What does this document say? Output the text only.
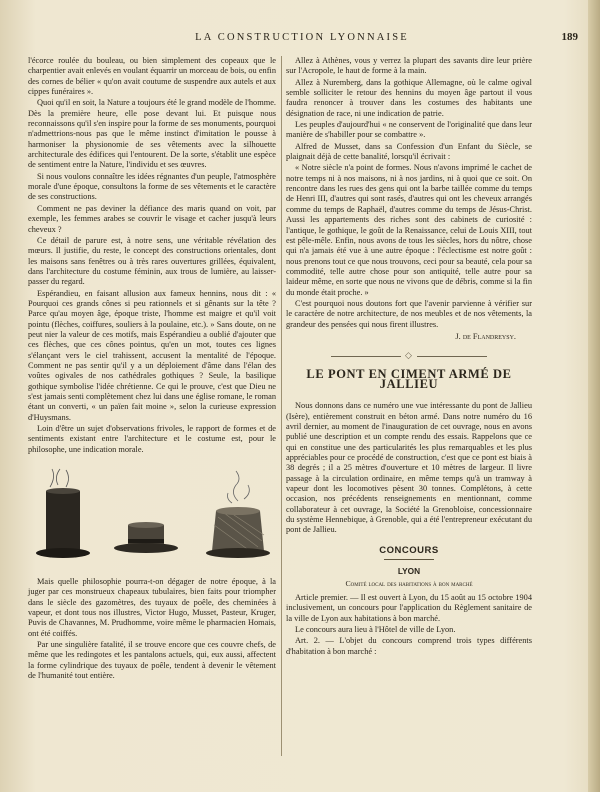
LA CONSTRUCTION LYONNAISE	189

l'écorce roulée du bouleau, ou bien simplement des copeaux que le charpentier avait enlevés en voulant équarrir un morceau de bois, ou enfin des cornes de bélier « qu'on avait coutume de suspendre aux autels et aux cippes funéraires ».

Quoi qu'il en soit, la Nature a toujours été le grand modèle de l'homme. Dès la première heure, elle pose devant lui. Et puisque nous reconnaissons qu'il s'en inspire pour la forme de ses monuments, pourquoi n'admettrions-nous pas que le même instinct d'imitation le pousse à harmoniser la physionomie de ses vêtements avec la silhouette architecturale des édifices qui l'entourent. De la sorte, s'établit une espèce de sentiment entre la Nature, l'individu et ses œuvres.

Si nous voulons connaître les idées régnantes d'un peuple, l'atmosphère morale d'une époque, consultons la forme de ses vêtements et le caractère de ses constructions.

Comment ne pas deviner la défiance des maris quand on voit, par exemple, les femmes arabes se couvrir le visage et cacher jusqu'à leurs cheveux ?

Ce détail de parure est, à notre sens, une véritable révélation des mœurs. Il justifie, du reste, le concept des constructions orientales, dont les maisons sans fenêtres ou à très rares ouvertures grillées, équivalent, dans l'architecture du costume féminin, aux trous de lumière, au laisser-passer du regard.

Espérandieu, en faisant allusion aux fameux hennins, nous dit : « Pourquoi ces grands cônes si peu rationnels et si gênants sur la tête ? Parce qu'au moyen âge, époque triste, l'homme est maigre et qu'il voit pointu (flèches, coiffures, souliers à la poulaine, etc.). » Sans doute, on ne peut nier la valeur de ces motifs, mais Espérandieu a oublié d'ajouter que ces flèches, que ces cônes pointus, qu'en un mot, toutes ces lignes s'élançant vers le ciel trahissent, accusent la mentalité de l'époque. Comment ne pas sentir qu'il y a un déploiement d'âme dans l'élan des voûtes ogivales de nos cathédrales gothiques ? Seule, la basilique gothique symbolise l'idée chrétienne. Ce qui le prouve, c'est que Dieu ne s'est jamais senti complètement chez lui dans une église romane, le roman étant un converti, « un païen fait moine », selon la curieuse expression d'Huysmans.

Loin d'être un sujet d'observations frivoles, le rapport de formes et de sentiments existant entre l'architecture et le costume est, pour le philosophe, une indication morale.

Mais quelle philosophie pourra-t-on dégager de notre époque, à la juger par ces monstrueux chapeaux tubulaires, bien faits pour triompher dans le siècle des gazomètres, des tuyaux de poêle, des cheminées à vapeur, et dont tous nos illustres, Victor Hugo, Musset, Pasteur, Kruger, Puvis de Chavannes, M. Prudhomme, voire même le pharmacien Homais, ont été coiffés.

Par une singulière fatalité, il se trouve encore que ces couvre chefs, de même que les redingotes et les pantalons actuels, qui, eux aussi, affectent la forme cylindrique des tuyaux de poêle, tendent à devenir le vêtement de l'humanité tout entière.

Allez à Athènes, vous y verrez la plupart des savants dire leur prière sur l'Acropole, le haut de forme à la main.

Allez à Nuremberg, dans la gothique Allemagne, où le calme ogival semble solliciter le retour des hennins du moyen âge partout il vous faudra renoncer à trouver dans les costumes des habitants une désignation de race, ni une indication de patrie.

Les peuples d'aujourd'hui « ne conservent de l'originalité que dans leur manière de s'habiller pour se combattre ».

Alfred de Musset, dans sa Confession d'un Enfant du Siècle, se plaignait déjà de cette banalité, lorsqu'il écrivait :

« Notre siècle n'a point de formes. Nous n'avons imprimé le cachet de notre temps ni à nos maisons, ni à nos jardins, ni à quoi que ce soit. On rencontre dans les rues des gens qui ont la barbe taillée comme du temps de Henri III, d'autres qui sont rasés, d'autres qui ont les cheveux arrangés comme du temps de Raphaël, d'autres comme du temps de Jésus-Christ. Aussi les appartements des riches sont des cabinets de curiosité : l'antique, le gothique, le goût de la Renaissance, celui de Louis XIII, tout est pêle-mêle. Enfin, nous avons de tous les siècles, hors du nôtre, chose qui n'a jamais été vue à une autre époque : l'éclectisme est notre goût : nous prenons tout ce que nous trouvons, ceci pour sa beauté, cela pour sa commodité, telle autre chose pour son antiquité, telle autre pour sa laideur même, en sorte que nous ne vivons que de débris, comme si la fin du monde était proche. »

C'est pourquoi nous doutons fort que l'avenir parvienne à vérifier sur le caractère de notre architecture, de nos meubles et de nos vêtements, la grandeur des pensées qui nous firent illustres.

J. de Flandreysy.
◇
LE PONT EN CIMENT ARMÉ DE JALLIEU

Nous donnons dans ce numéro une vue intéressante du pont de Jallieu (Isère), entièrement construit en béton armé. Dans notre numéro du 16 avril dernier, au moment de l'inauguration de cet ouvrage, nous en avons publié une description et un compte rendu des essais. Rappelons que ce qui en constitue une des particularités les plus remarquables et les plus appréciables pour ce procédé de construction, c'est que ce pont est biais à 38 degrés ; il a 25 mètres d'ouverture et 10 mètres de largeur. Il livre passage à la circulation ordinaire, en même temps qu'à un tramway à vapeur dont les locomotives pèsent 30 tonnes. Complétons, à cette occasion, nos précédents renseignements en mentionnant, comme collaborateur à cet ouvrage, la Société la Grenobloise, concessionnaire du système Hennebique, à Grenoble, qui a été l'entrepreneur exécutant du pont de Jallieu.

CONCOURS
LYON
Comité local des habitations à bon marché

Article premier. — Il est ouvert à Lyon, du 15 août au 15 octobre 1904 inclusivement, un concours pour l'application du Règlement sanitaire de la ville de Lyon aux habitations à bon marché.

Le concours aura lieu à l'Hôtel de ville de Lyon.

Art. 2. — L'objet du concours comprend trois types différents d'habitation à bon marché :
